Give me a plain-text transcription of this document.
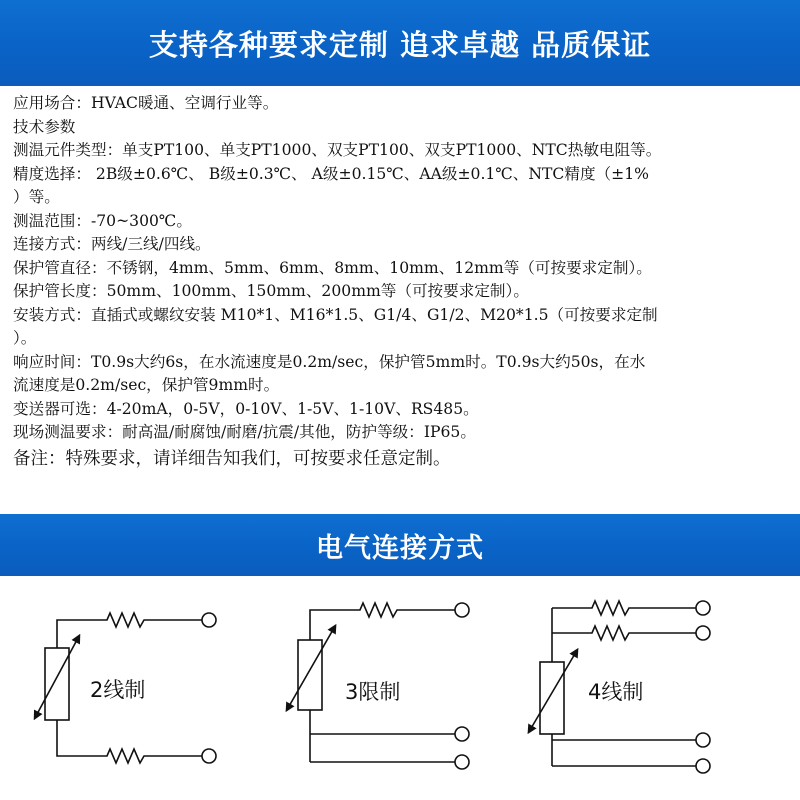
支持各种要求定制 追求卓越 品质保证
应用场合：HVAC暖通、空调行业等。
技术参数
测温元件类型：单支PT100、单支PT1000、双支PT100、双支PT1000、NTC热敏电阻等。
精度选择： 2B级±0.6℃、 B级±0.3℃、 A级±0.15℃、AA级±0.1℃、NTC精度（±1%
）等。
测温范围：-70~300℃。
连接方式：两线/三线/四线。
保护管直径：不锈钢，4mm、5mm、6mm、8mm、10mm、12mm等（可按要求定制）。
保护管长度：50mm、100mm、150mm、200mm等（可按要求定制）。
安装方式：直插式或螺纹安装 M10*1、M16*1.5、G1/4、G1/2、M20*1.5（可按要求定制
）。
响应时间：T0.9s大约6s，在水流速度是0.2m/sec，保护管5mm时。T0.9s大约50s，在水
流速度是0.2m/sec，保护管9mm时。
变送器可选：4-20mA，0-5V，0-10V、1-5V、1-10V、RS485。
现场测温要求：耐高温/耐腐蚀/耐磨/抗震/其他，防护等级：IP65。
备注：特殊要求，请详细告知我们，可按要求任意定制。
电气连接方式
2线制	3限制	4线制
